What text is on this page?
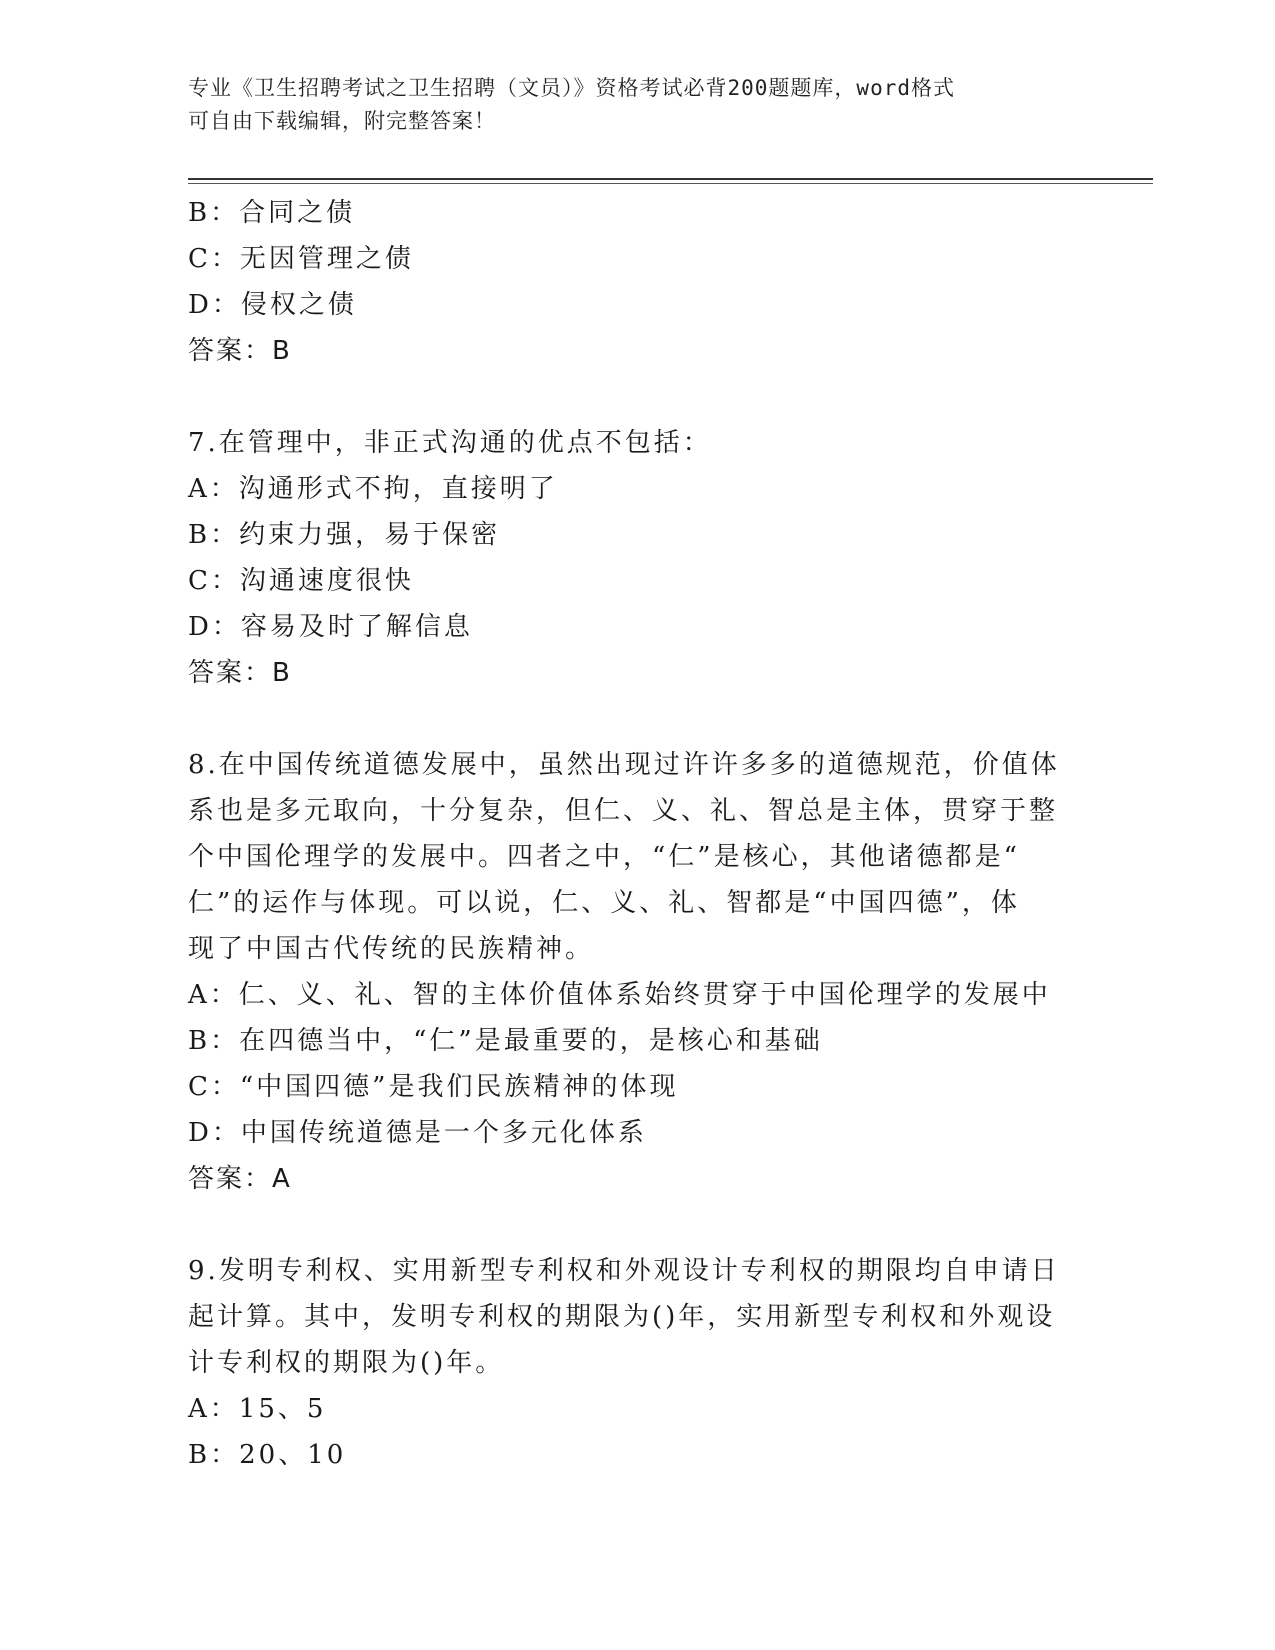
专业《卫生招聘考试之卫生招聘（文员）》资格考试必背200题题库，word格式
可自由下载编辑，附完整答案！
B：合同之债
C：无因管理之债
D：侵权之债
答案：B
7.在管理中，非正式沟通的优点不包括：
A：沟通形式不拘，直接明了
B：约束力强，易于保密
C：沟通速度很快
D：容易及时了解信息
答案：B
8.在中国传统道德发展中，虽然出现过许许多多的道德规范，价值体
系也是多元取向，十分复杂，但仁、义、礼、智总是主体，贯穿于整
个中国伦理学的发展中。四者之中，“仁”是核心，其他诸德都是“
仁”的运作与体现。可以说，仁、义、礼、智都是“中国四德”，体
现了中国古代传统的民族精神。
A：仁、义、礼、智的主体价值体系始终贯穿于中国伦理学的发展中
B：在四德当中，“仁”是最重要的，是核心和基础
C：“中国四德”是我们民族精神的体现
D：中国传统道德是一个多元化体系
答案：A
9.发明专利权、实用新型专利权和外观设计专利权的期限均自申请日
起计算。其中，发明专利权的期限为()年，实用新型专利权和外观设
计专利权的期限为()年。
A：15、5
B：20、10
